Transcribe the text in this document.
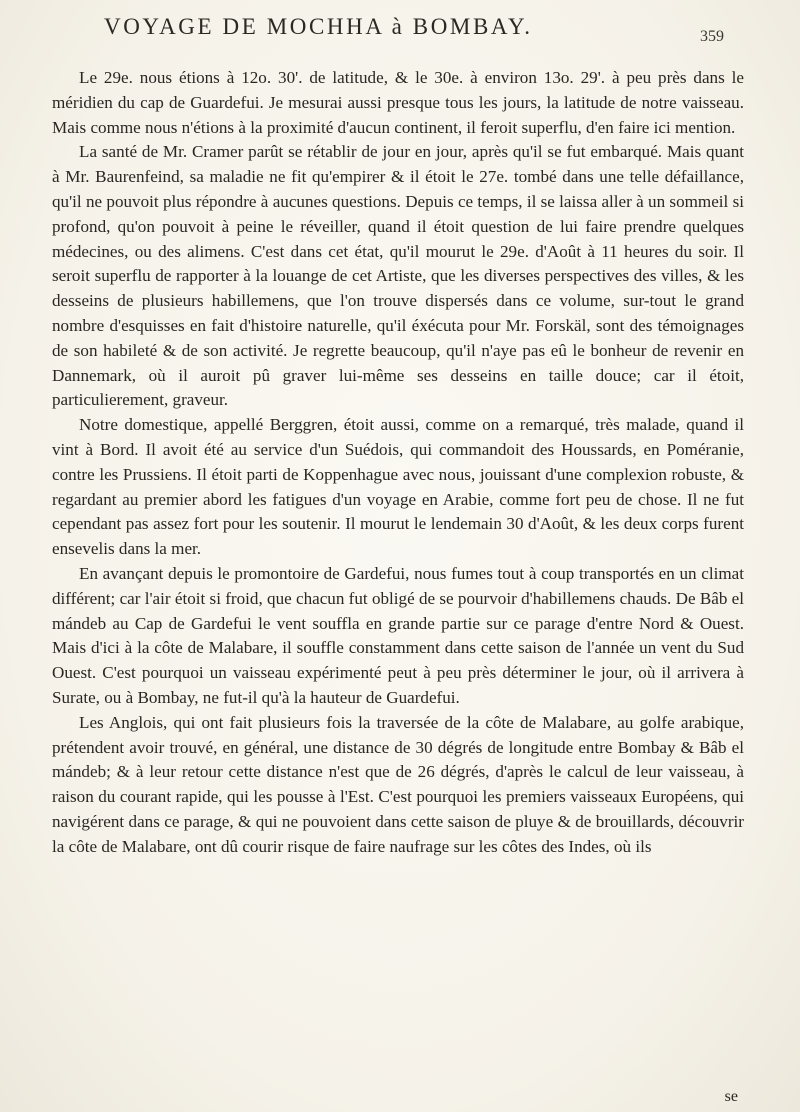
VOYAGE DE MOCHHA à BOMBAY.	359

Le 29e. nous étions à 12o. 30'. de latitude, & le 30e. à environ 13o. 29'. à peu près dans le méridien du cap de Guardefui. Je mesurai aussi presque tous les jours, la latitude de notre vaisseau. Mais comme nous n'étions à la proximité d'aucun continent, il feroit superflu, d'en faire ici mention.

La santé de Mr. Cramer parût se rétablir de jour en jour, après qu'il se fut embarqué. Mais quant à Mr. Baurenfeind, sa maladie ne fit qu'empirer & il étoit le 27e. tombé dans une telle défaillance, qu'il ne pouvoit plus répondre à aucunes questions. Depuis ce temps, il se laissa aller à un sommeil si profond, qu'on pouvoit à peine le réveiller, quand il étoit question de lui faire prendre quelques médecines, ou des alimens. C'est dans cet état, qu'il mourut le 29e. d'Août à 11 heures du soir. Il seroit superflu de rapporter à la louange de cet Artiste, que les diverses perspectives des villes, & les desseins de plusieurs habillemens, que l'on trouve dispersés dans ce volume, sur-tout le grand nombre d'esquisses en fait d'histoire naturelle, qu'il éxécuta pour Mr. Forskäl, sont des témoignages de son habileté & de son activité. Je regrette beaucoup, qu'il n'aye pas eû le bonheur de revenir en Dannemark, où il auroit pû graver lui-même ses desseins en taille douce; car il étoit, particulierement, graveur.

Notre domestique, appellé Berggren, étoit aussi, comme on a remarqué, très malade, quand il vint à Bord. Il avoit été au service d'un Suédois, qui commandoit des Houssards, en Poméranie, contre les Prussiens. Il étoit parti de Koppenhague avec nous, jouissant d'une complexion robuste, & regardant au premier abord les fatigues d'un voyage en Arabie, comme fort peu de chose. Il ne fut cependant pas assez fort pour les soutenir. Il mourut le lendemain 30 d'Août, & les deux corps furent ensevelis dans la mer.

En avançant depuis le promontoire de Gardefui, nous fumes tout à coup transportés en un climat différent; car l'air étoit si froid, que chacun fut obligé de se pourvoir d'habillemens chauds. De Bâb el mándeb au Cap de Gardefui le vent souffla en grande partie sur ce parage d'entre Nord & Ouest. Mais d'ici à la côte de Malabare, il souffle constamment dans cette saison de l'année un vent du Sud Ouest. C'est pourquoi un vaisseau expérimenté peut à peu près déterminer le jour, où il arrivera à Surate, ou à Bombay, ne fut-il qu'à la hauteur de Guardefui.

Les Anglois, qui ont fait plusieurs fois la traversée de la côte de Malabare, au golfe arabique, prétendent avoir trouvé, en général, une distance de 30 dégrés de longitude entre Bombay & Bâb el mándeb; & à leur retour cette distance n'est que de 26 dégrés, d'après le calcul de leur vaisseau, à raison du courant rapide, qui les pousse à l'Est. C'est pourquoi les premiers vaisseaux Européens, qui navigérent dans ce parage, & qui ne pouvoient dans cette saison de pluye & de brouillards, découvrir la côte de Malabare, ont dû courir risque de faire naufrage sur les côtes des Indes, où ils

se
